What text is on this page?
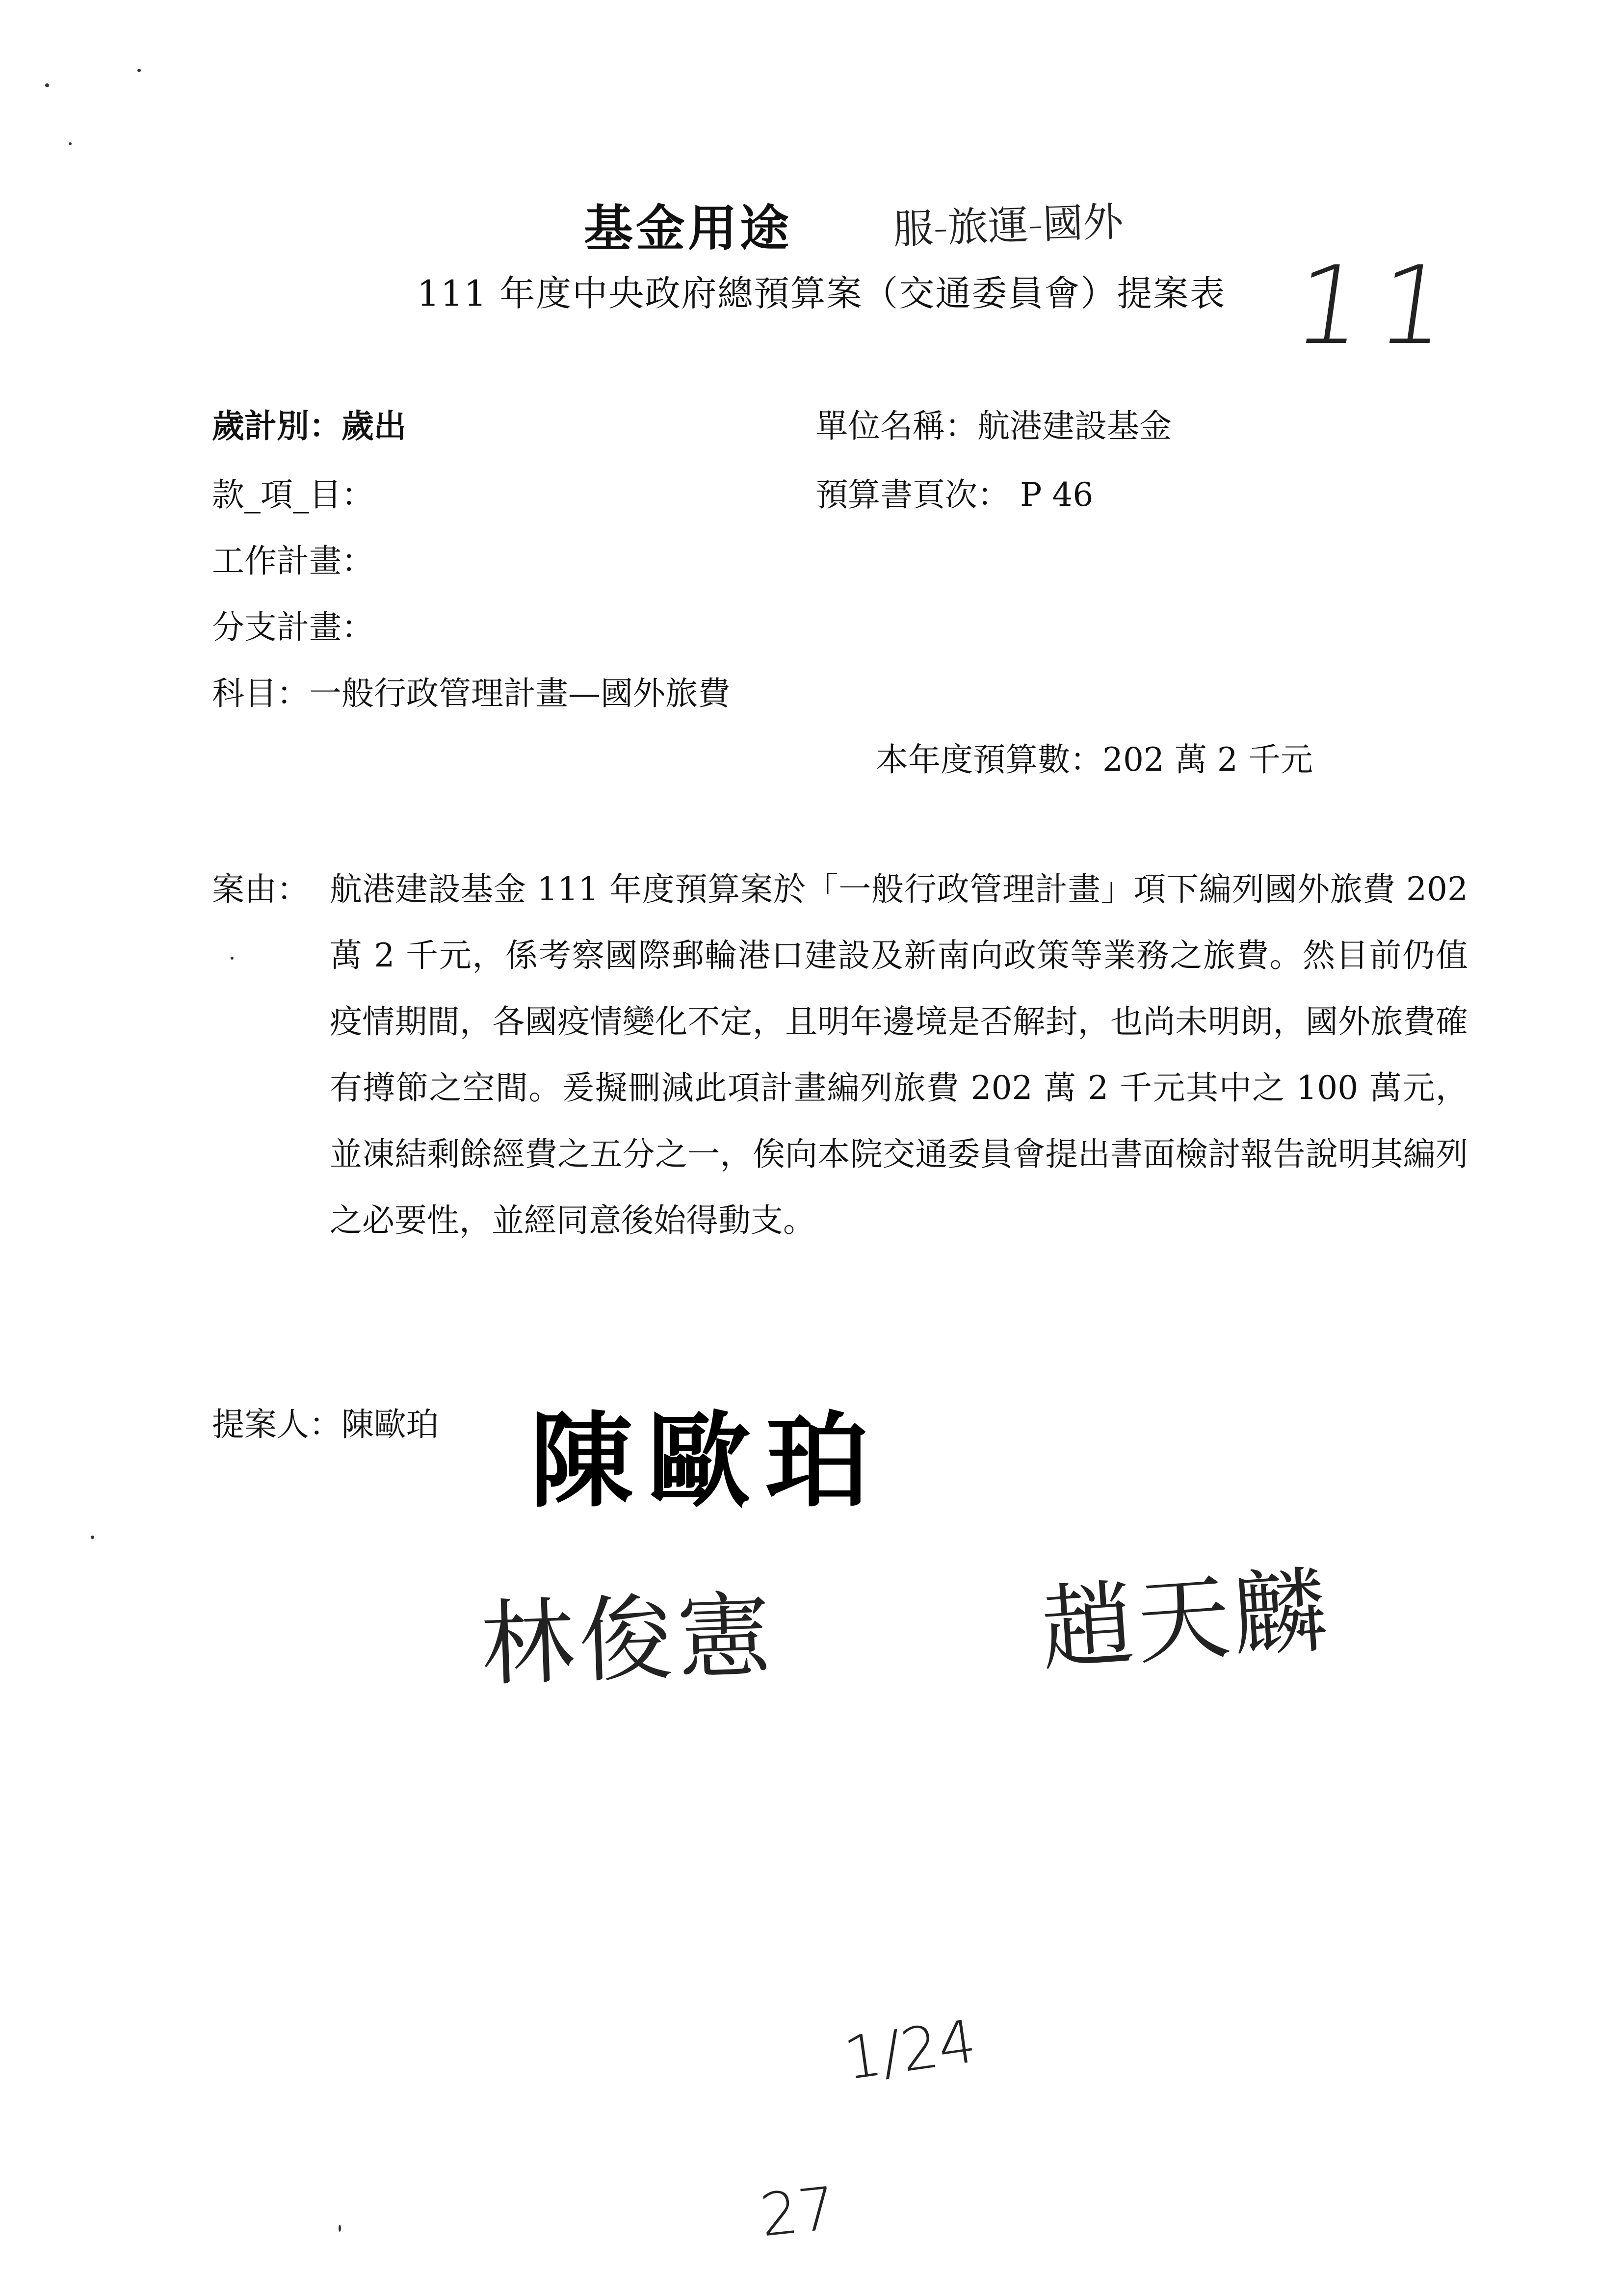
基金用途 服-旅運-國外
111 年度中央政府總預算案（交通委員會）提案表 11
歲計別：歲出	單位名稱：航港建設基金
款_項_目：	預算書頁次： P 46
工作計畫：
分支計畫：
科目：一般行政管理計畫—國外旅費
本年度預算數：202 萬 2 千元
案由： 航港建設基金 111 年度預算案於「一般行政管理計畫」項下編列國外旅費 202 萬 2 千元，係考察國際郵輪港口建設及新南向政策等業務之旅費。然目前仍值疫情期間，各國疫情變化不定，且明年邊境是否解封，也尚未明朗，國外旅費確有撙節之空間。爰擬刪減此項計畫編列旅費 202 萬 2 千元其中之 100 萬元，並凍結剩餘經費之五分之一，俟向本院交通委員會提出書面檢討報告說明其編列之必要性，並經同意後始得動支。
提案人：陳歐珀 陳歐珀
林俊憲	趙天麟
1/24
27
